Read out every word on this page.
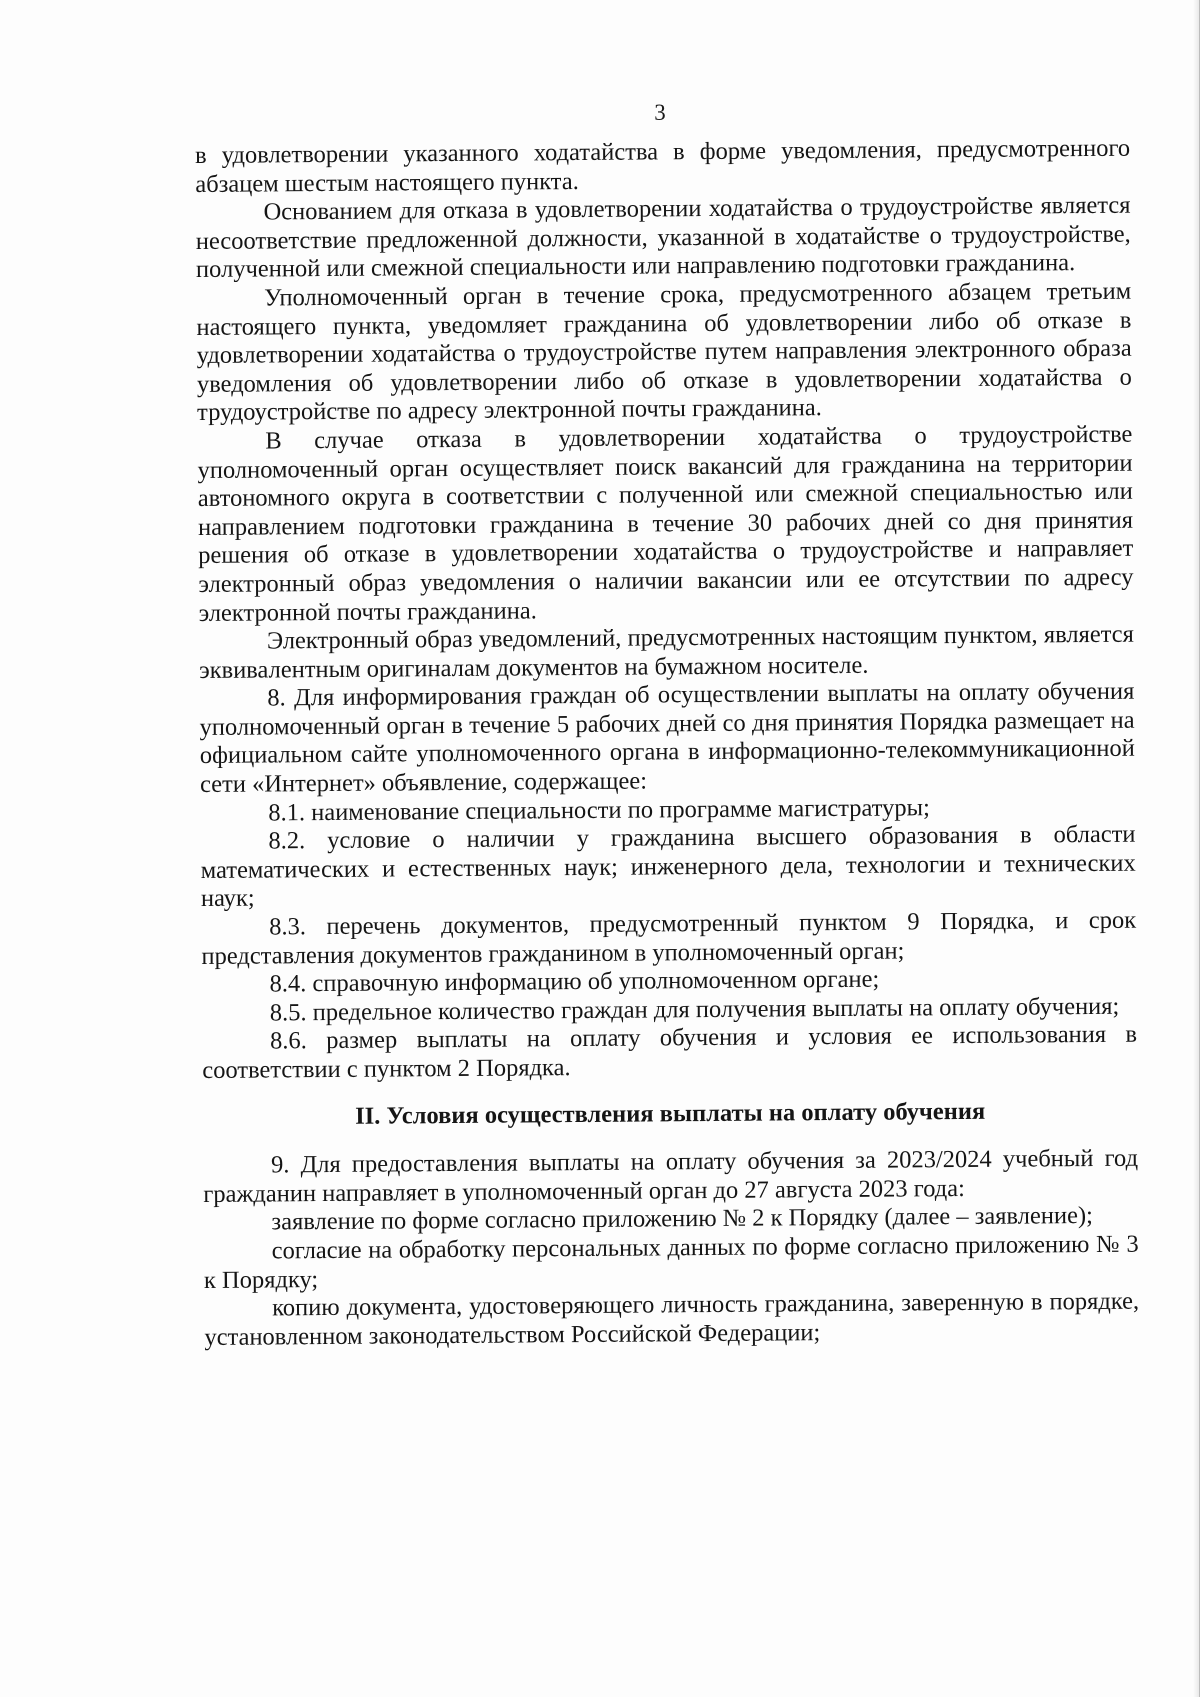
3

в удовлетворении указанного ходатайства в форме уведомления, предусмотренного абзацем шестым настоящего пункта.

Основанием для отказа в удовлетворении ходатайства о трудоустройстве является несоответствие предложенной должности, указанной в ходатайстве о трудоустройстве, полученной или смежной специальности или направлению подготовки гражданина.

Уполномоченный орган в течение срока, предусмотренного абзацем третьим настоящего пункта, уведомляет гражданина об удовлетворении либо об отказе в удовлетворении ходатайства о трудоустройстве путем направления электронного образа уведомления об удовлетворении либо об отказе в удовлетворении ходатайства о трудоустройстве по адресу электронной почты гражданина.

В случае отказа в удовлетворении ходатайства о трудоустройстве уполномоченный орган осуществляет поиск вакансий для гражданина на территории автономного округа в соответствии с полученной или смежной специальностью или направлением подготовки гражданина в течение 30 рабочих дней со дня принятия решения об отказе в удовлетворении ходатайства о трудоустройстве и направляет электронный образ уведомления о наличии вакансии или ее отсутствии по адресу электронной почты гражданина.

Электронный образ уведомлений, предусмотренных настоящим пунктом, является эквивалентным оригиналам документов на бумажном носителе.

8. Для информирования граждан об осуществлении выплаты на оплату обучения уполномоченный орган в течение 5 рабочих дней со дня принятия Порядка размещает на официальном сайте уполномоченного органа в информационно-телекоммуникационной сети «Интернет» объявление, содержащее:

8.1. наименование специальности по программе магистратуры;

8.2. условие о наличии у гражданина высшего образования в области математических и естественных наук; инженерного дела, технологии и технических наук;

8.3. перечень документов, предусмотренный пунктом 9 Порядка, и срок представления документов гражданином в уполномоченный орган;

8.4. справочную информацию об уполномоченном органе;

8.5. предельное количество граждан для получения выплаты на оплату обучения;

8.6. размер выплаты на оплату обучения и условия ее использования в соответствии с пунктом 2 Порядка.

II. Условия осуществления выплаты на оплату обучения

9. Для предоставления выплаты на оплату обучения за 2023/2024 учебный год гражданин направляет в уполномоченный орган до 27 августа 2023 года:

заявление по форме согласно приложению № 2 к Порядку (далее – заявление);

согласие на обработку персональных данных по форме согласно приложению № 3 к Порядку;

копию документа, удостоверяющего личность гражданина, заверенную в порядке, установленном законодательством Российской Федерации;
